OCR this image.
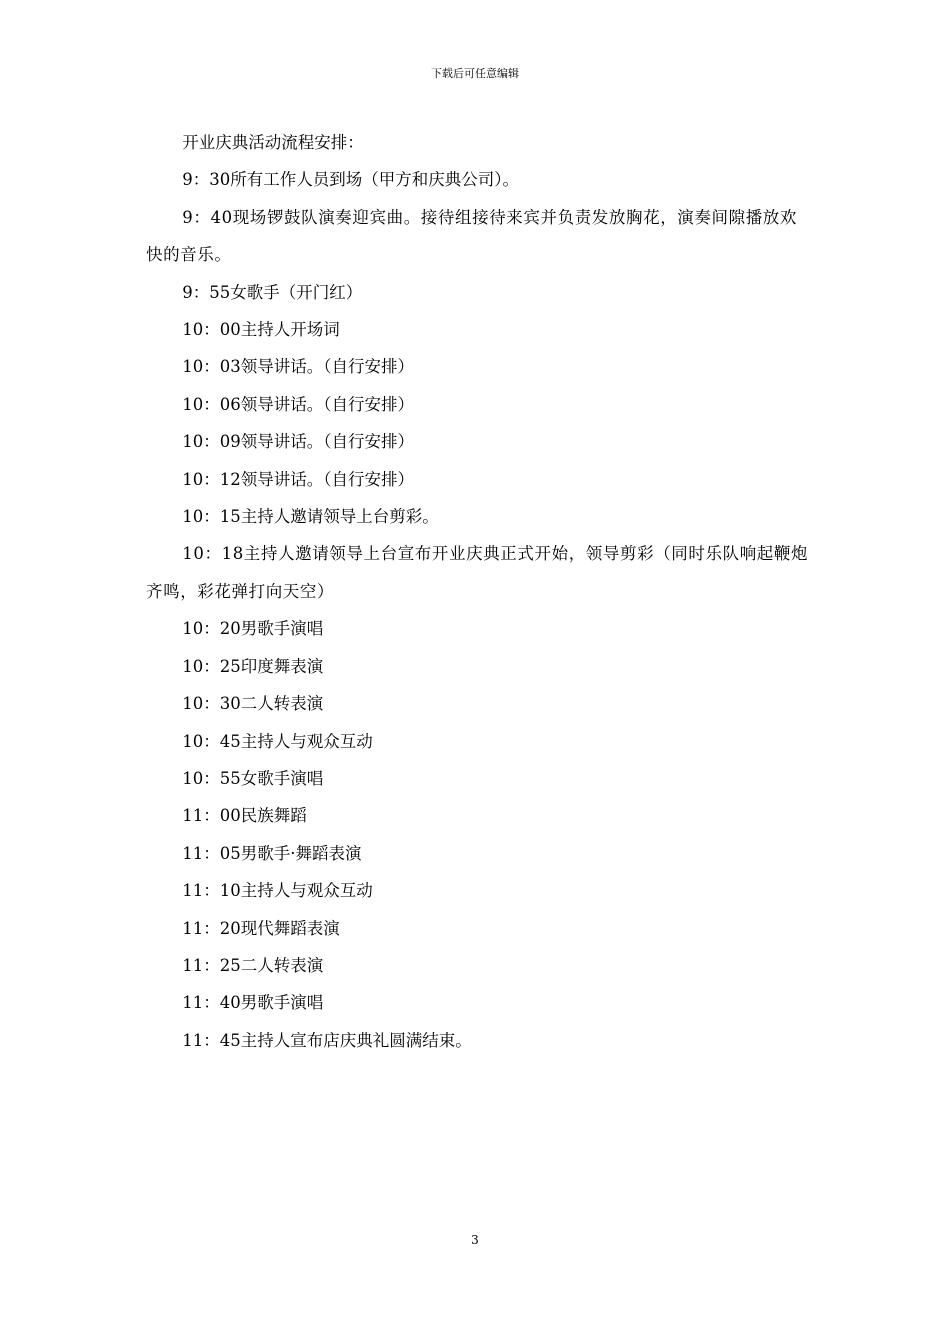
下载后可任意编辑

开业庆典活动流程安排：

9：30所有工作人员到场（甲方和庆典公司）。

9：40现场锣鼓队演奏迎宾曲。接待组接待来宾并负责发放胸花，演奏间隙播放欢快的音乐。

9：55女歌手（开门红）

10：00主持人开场词

10：03领导讲话。（自行安排）

10：06领导讲话。（自行安排）

10：09领导讲话。（自行安排）

10：12领导讲话。（自行安排）

10：15主持人邀请领导上台剪彩。

10：18主持人邀请领导上台宣布开业庆典正式开始，领导剪彩（同时乐队响起鞭炮齐鸣，彩花弹打向天空）

10：20男歌手演唱

10：25印度舞表演

10：30二人转表演

10：45主持人与观众互动

10：55女歌手演唱

11：00民族舞蹈

11：05男歌手·舞蹈表演

11：10主持人与观众互动

11：20现代舞蹈表演

11：25二人转表演

11：40男歌手演唱

11：45主持人宣布店庆典礼圆满结束。

3
